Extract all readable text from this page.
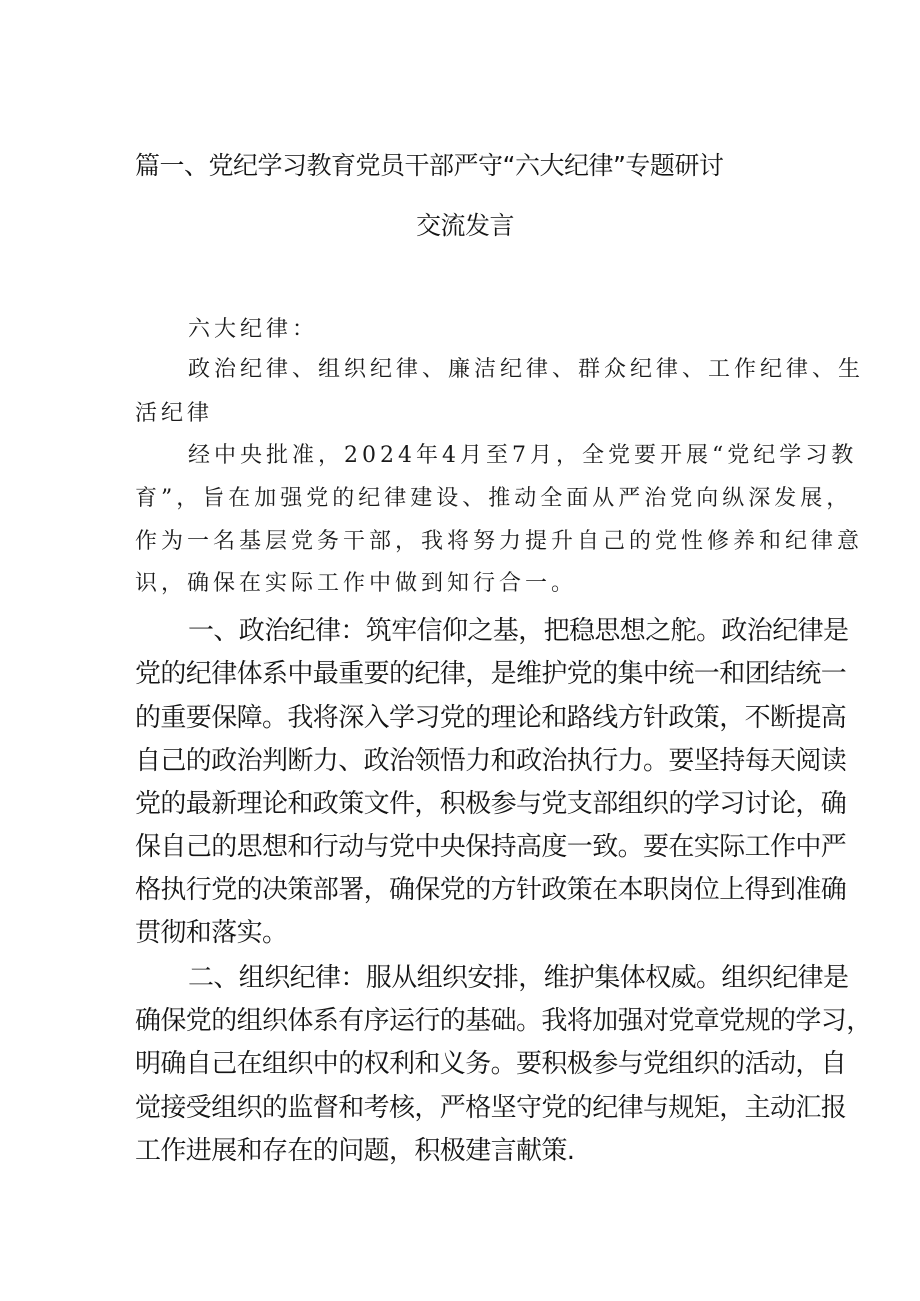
篇一、党纪学习教育党员干部严守“六大纪律”专题研讨
交流发言
六大纪律：
政治纪律、组织纪律、廉洁纪律、群众纪律、工作纪律、生
活纪律
经中央批准，2024年4月至7月，全党要开展“党纪学习教
育”，旨在加强党的纪律建设、推动全面从严治党向纵深发展，
作为一名基层党务干部，我将努力提升自己的党性修养和纪律意
识，确保在实际工作中做到知行合一。
一、政治纪律：筑牢信仰之基，把稳思想之舵。政治纪律是
党的纪律体系中最重要的纪律，是维护党的集中统一和团结统一
的重要保障。我将深入学习党的理论和路线方针政策，不断提高
自己的政治判断力、政治领悟力和政治执行力。要坚持每天阅读
党的最新理论和政策文件，积极参与党支部组织的学习讨论，确
保自己的思想和行动与党中央保持高度一致。要在实际工作中严
格执行党的决策部署，确保党的方针政策在本职岗位上得到准确
贯彻和落实。
二、组织纪律：服从组织安排，维护集体权威。组织纪律是
确保党的组织体系有序运行的基础。我将加强对党章党规的学习，
明确自己在组织中的权利和义务。要积极参与党组织的活动，自
觉接受组织的监督和考核，严格坚守党的纪律与规矩，主动汇报
工作进展和存在的问题，积极建言献策.
